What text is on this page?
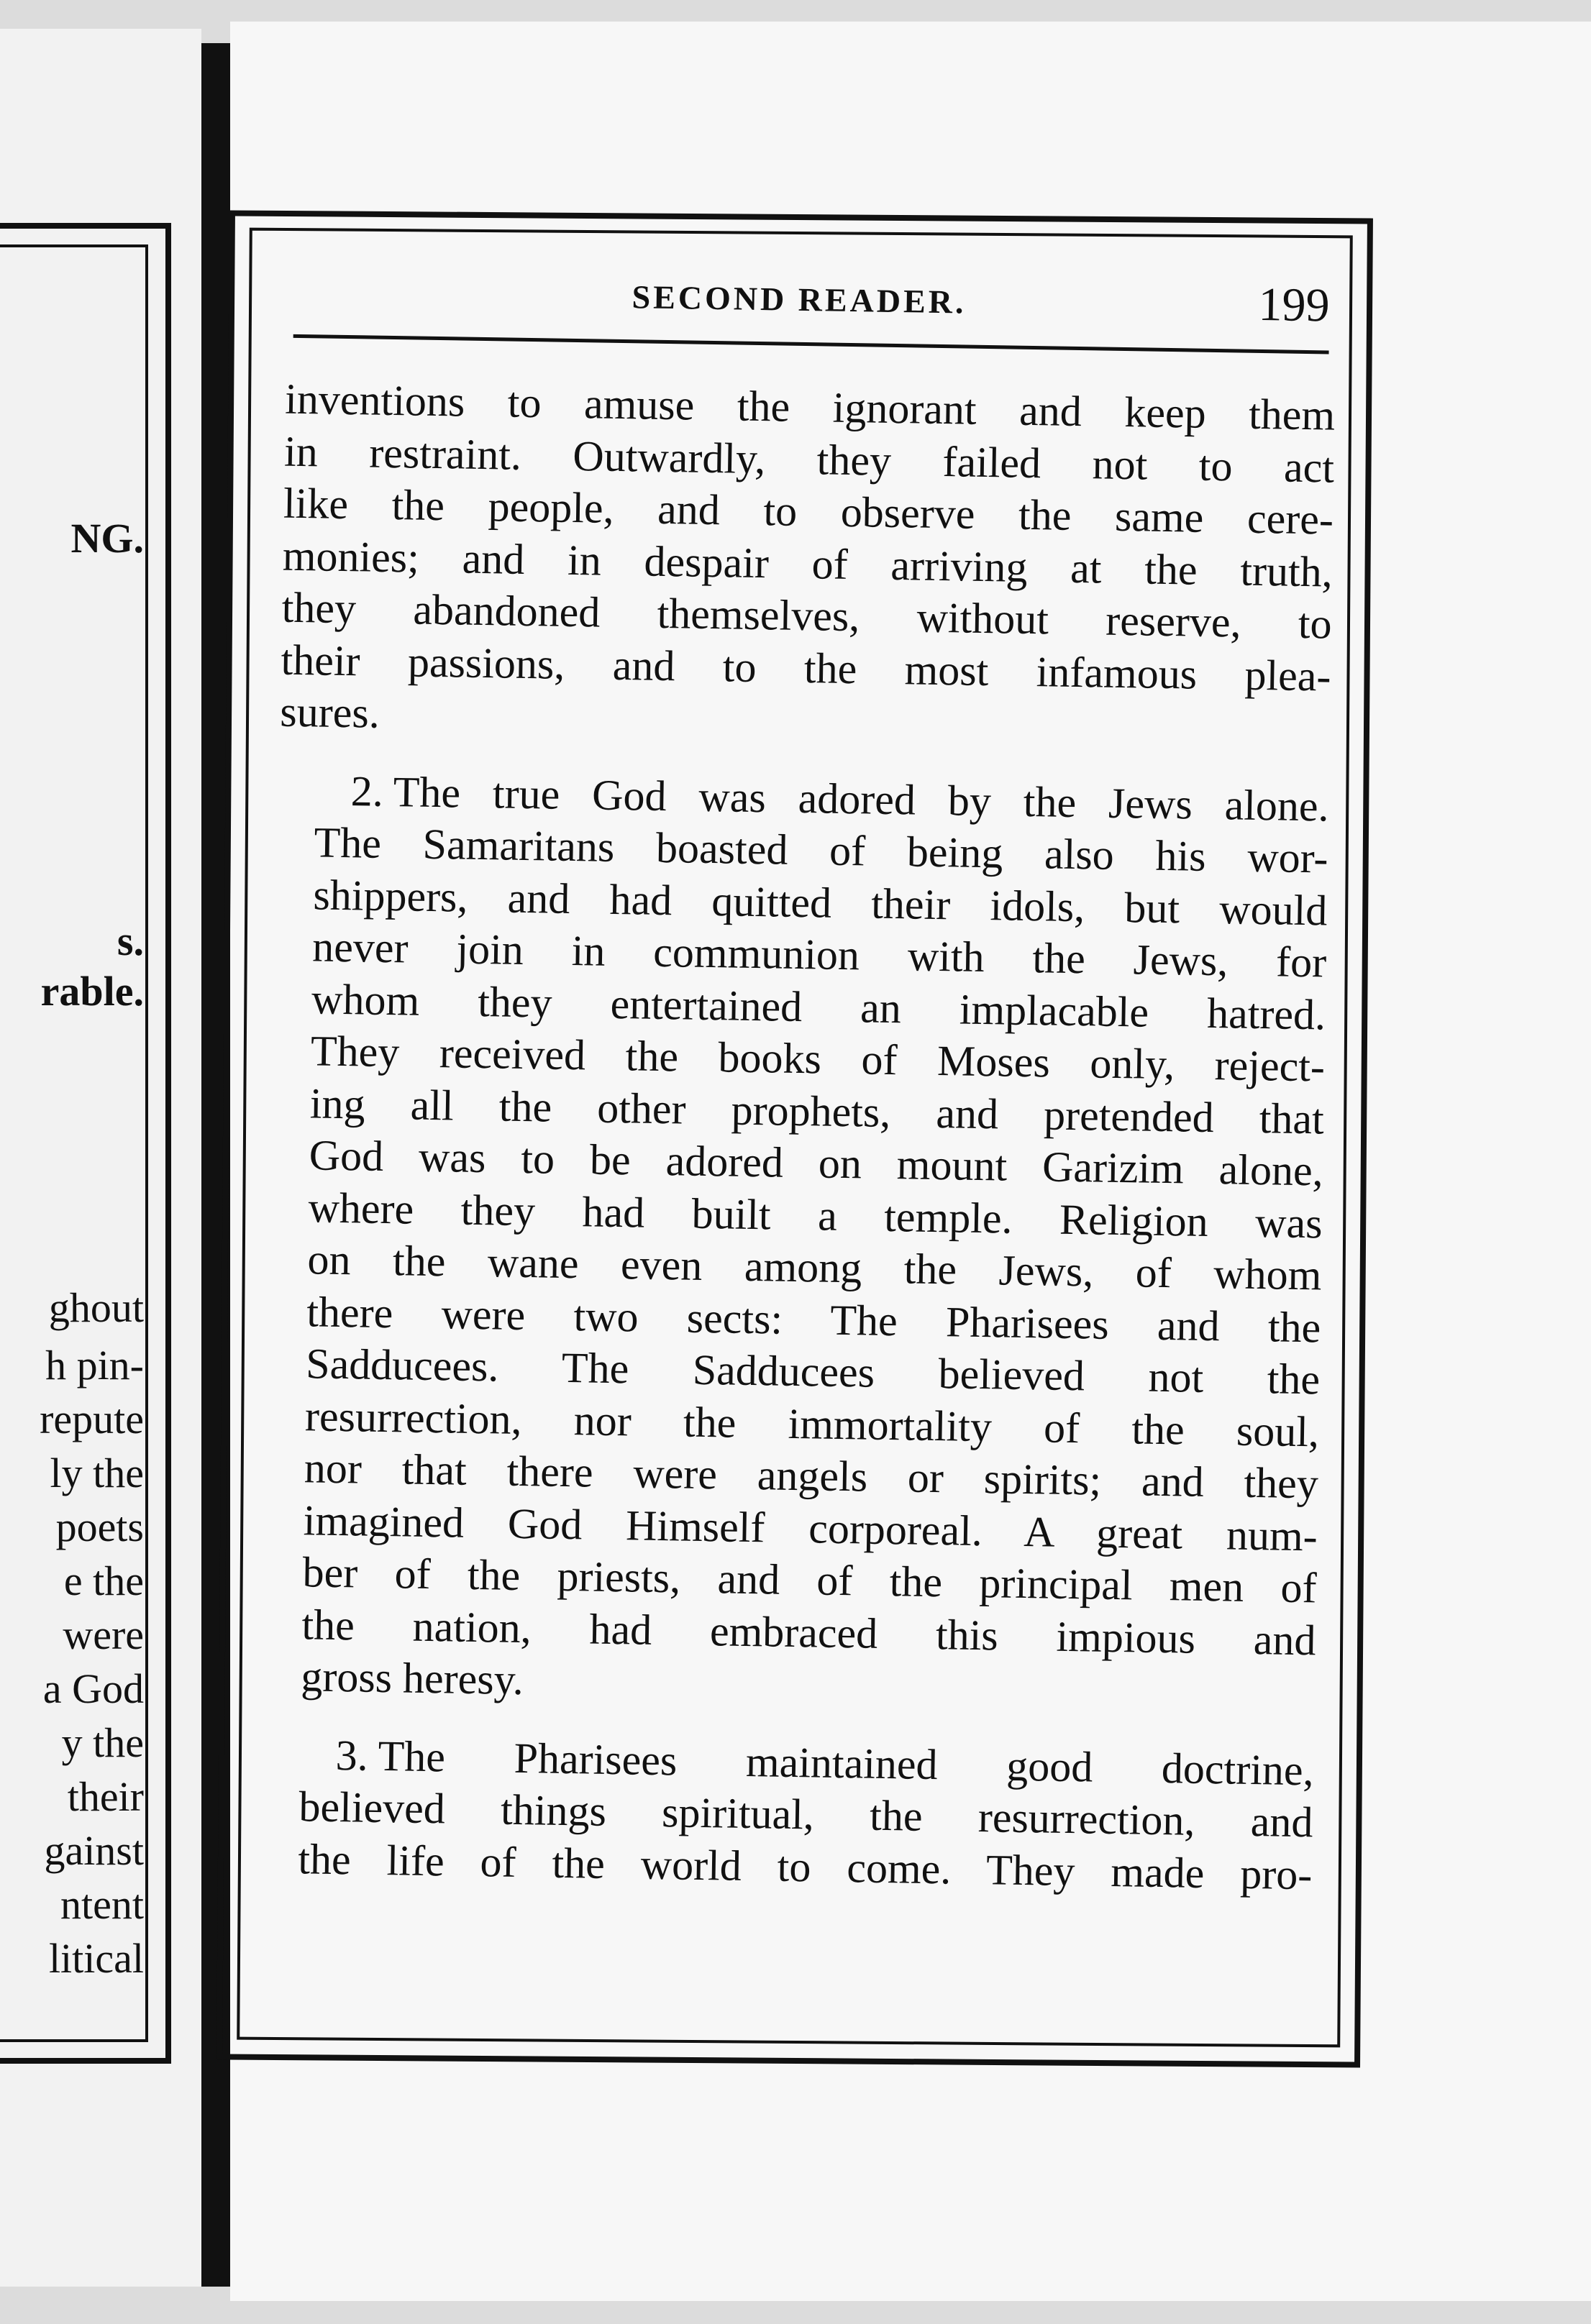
NG.
s.
rable.
ghout
h pin-
repute
ly the
poets
e the
were
a God
y the
their
gainst
ntent
litical
SECOND READER.	199

inventions to amuse the ignorant and keep them
in restraint. Outwardly, they failed not to act
like the people, and to observe the same cere-
monies; and in despair of arriving at the truth,
they abandoned themselves, without reserve, to
their passions, and to the most infamous plea-
sures.

2. The true God was adored by the Jews alone.
The Samaritans boasted of being also his wor-
shippers, and had quitted their idols, but would
never join in communion with the Jews, for
whom they entertained an implacable hatred.
They received the books of Moses only, reject-
ing all the other prophets, and pretended that
God was to be adored on mount Garizim alone,
where they had built a temple. Religion was
on the wane even among the Jews, of whom
there were two sects: The Pharisees and the
Sadducees. The Sadducees believed not the
resurrection, nor the immortality of the soul,
nor that there were angels or spirits; and they
imagined God Himself corporeal. A great num-
ber of the priests, and of the principal men of
the nation, had embraced this impious and
gross heresy.

3. The Pharisees maintained good doctrine,
believed things spiritual, the resurrection, and
the life of the world to come. They made pro-
